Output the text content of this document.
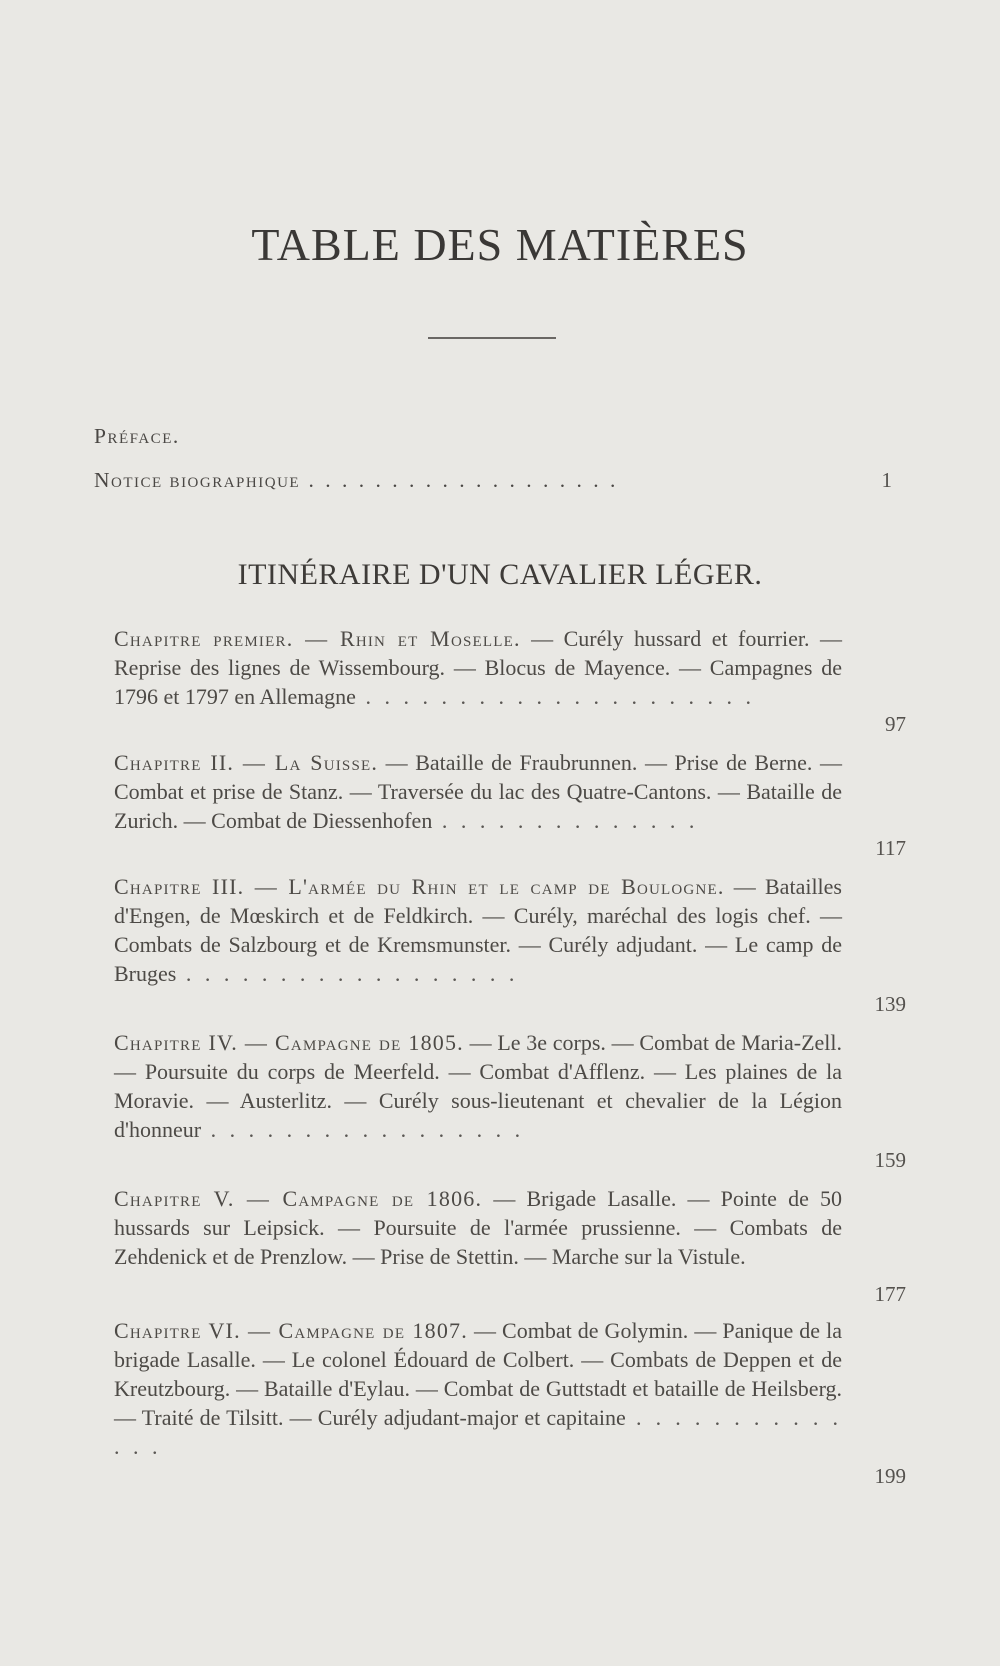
TABLE DES MATIÈRES
Préface.
Notice biographique . . . . . . . . . . . . . . . . . . .	1
ITINÉRAIRE D'UN CAVALIER LÉGER.
Chapitre premier. — Rhin et Moselle. — Curély hussard et fourrier. — Reprise des lignes de Wissembourg. — Blocus de Mayence. — Campagnes de 1796 et 1797 en Allemagne . . . . . . . . . . . . . . . . . . . . .
97
Chapitre II. — La Suisse. — Bataille de Fraubrunnen. — Prise de Berne. — Combat et prise de Stanz. — Traversée du lac des Quatre-Cantons. — Bataille de Zurich. — Combat de Diessenhofen . . . . . . . . . . . . . .
117
Chapitre III. — L'armée du Rhin et le camp de Boulogne. — Batailles d'Engen, de Mœskirch et de Feldkirch. — Curély, maréchal des logis chef. — Combats de Salzbourg et de Kremsmunster. — Curély adjudant. — Le camp de Bruges . . . . . . . . . . . . . . . . . .
139
Chapitre IV. — Campagne de 1805. — Le 3e corps. — Combat de Maria-Zell. — Poursuite du corps de Meerfeld. — Combat d'Afflenz. — Les plaines de la Moravie. — Austerlitz. — Curély sous-lieutenant et chevalier de la Légion d'honneur . . . . . . . . . . . . . . . . .
159
Chapitre V. — Campagne de 1806. — Brigade Lasalle. — Pointe de 50 hussards sur Leipsick. — Poursuite de l'armée prussienne. — Combats de Zehdenick et de Prenzlow. — Prise de Stettin. — Marche sur la Vistule.
177
Chapitre VI. — Campagne de 1807. — Combat de Golymin. — Panique de la brigade Lasalle. — Le colonel Édouard de Colbert. — Combats de Deppen et de Kreutzbourg. — Bataille d'Eylau. — Combat de Guttstadt et bataille de Heilsberg. — Traité de Tilsitt. — Curély adjudant-major et capitaine . . . . . . . . . . . . . .
199
